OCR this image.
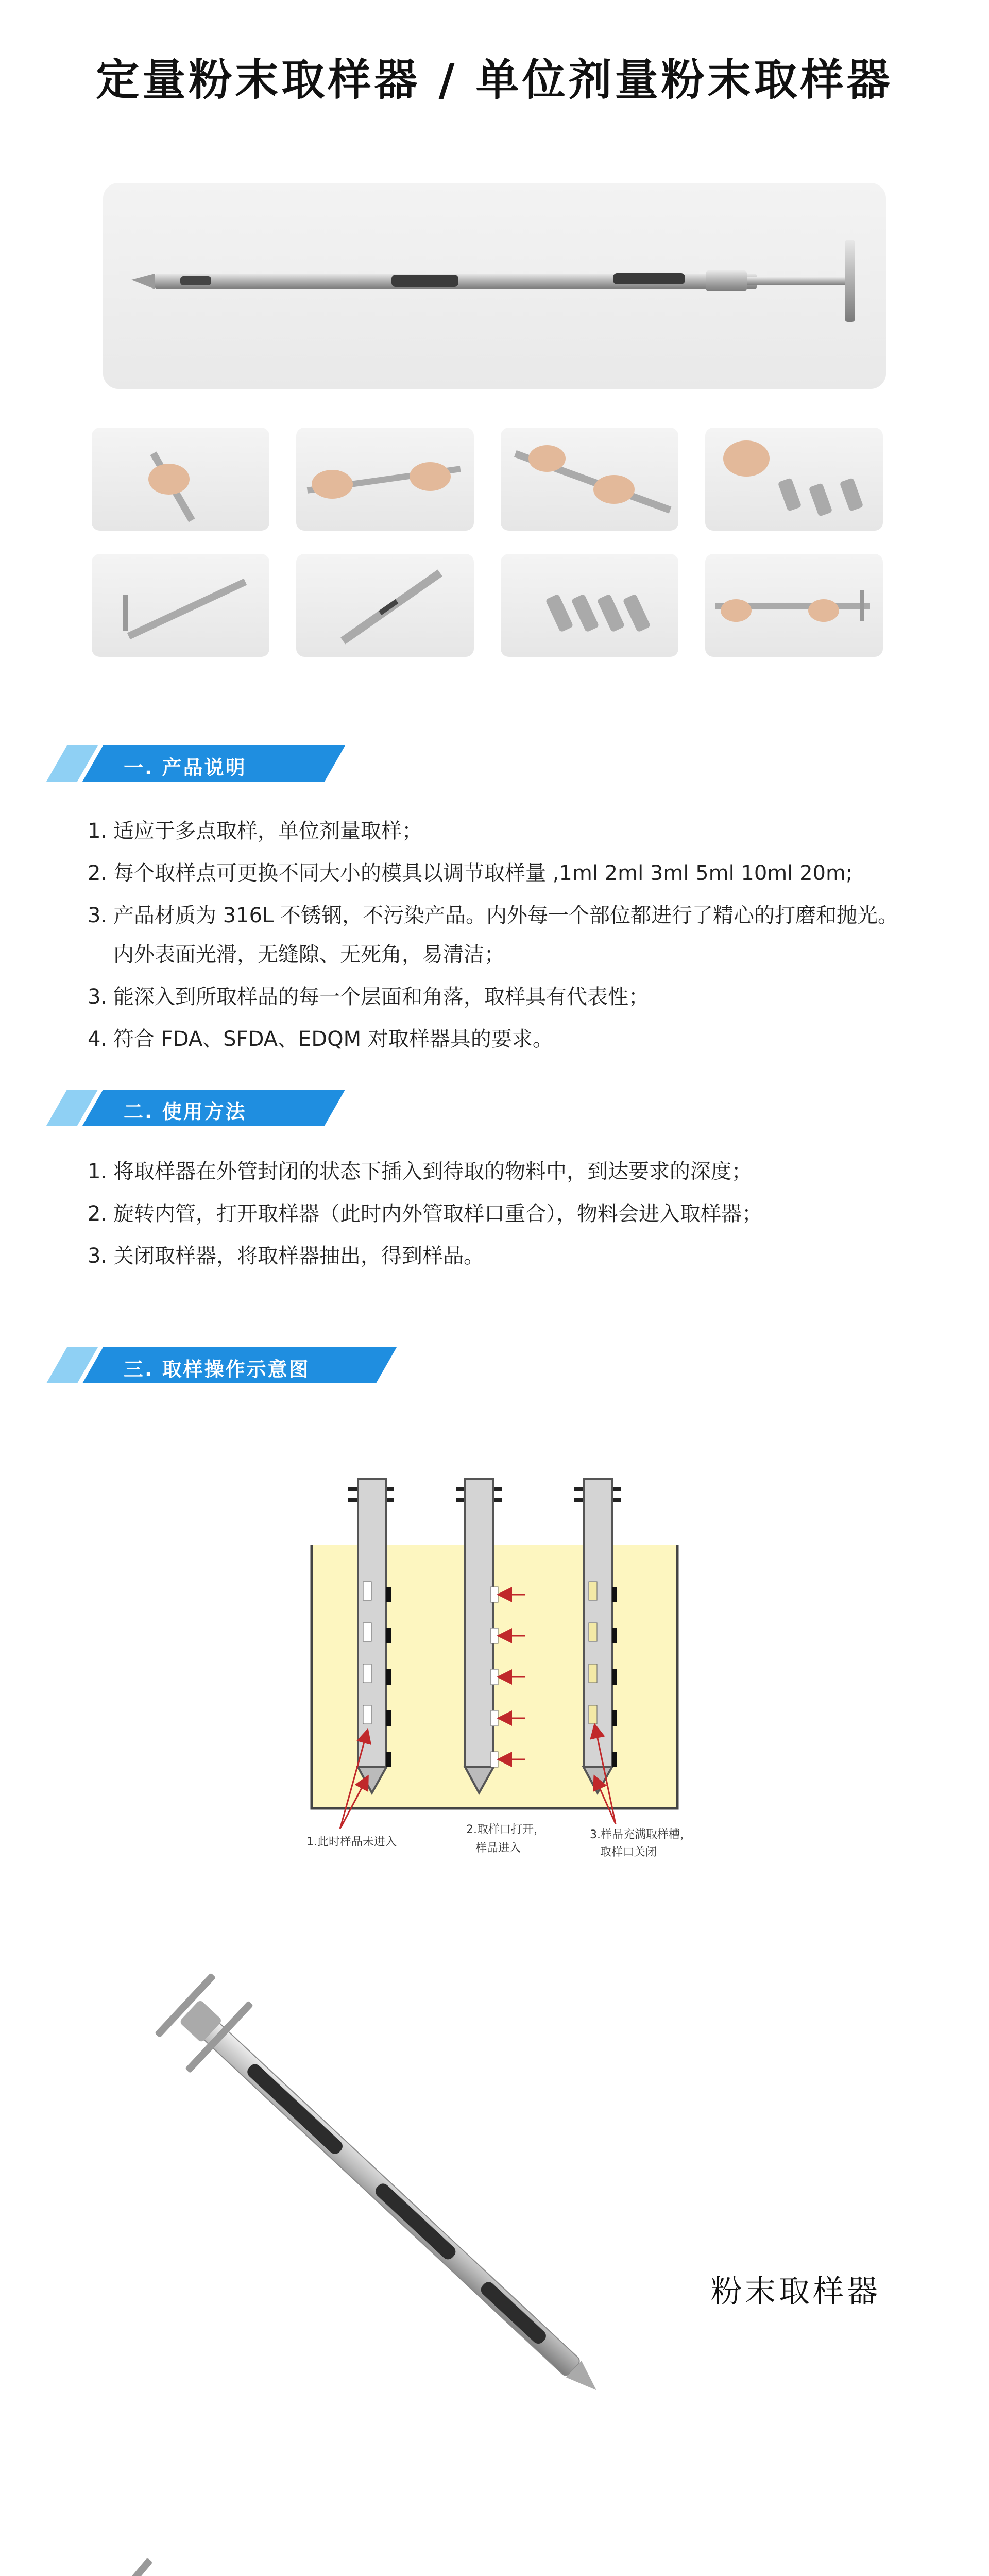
定量粉末取样器 / 单位剂量粉末取样器
一. 产品说明
1. 适应于多点取样，单位剂量取样；
2. 每个取样点可更换不同大小的模具以调节取样量 ,1ml 2ml 3ml 5ml 10ml 20m;
3. 产品材质为 316L 不锈钢，不污染产品。内外每一个部位都进行了精心的打磨和抛光。
内外表面光滑，无缝隙、无死角，易清洁；
3. 能深入到所取样品的每一个层面和角落，取样具有代表性；
4. 符合 FDA、SFDA、EDQM 对取样器具的要求。
二. 使用方法
1. 将取样器在外管封闭的状态下插入到待取的物料中，到达要求的深度；
2. 旋转内管，打开取样器（此时内外管取样口重合），物料会进入取样器；
3. 关闭取样器，将取样器抽出，得到样品。
三. 取样操作示意图
1.此时样品未进入
2.取样口打开，
样品进入
3.样品充满取样槽，
取样口关闭
粉末取样器
